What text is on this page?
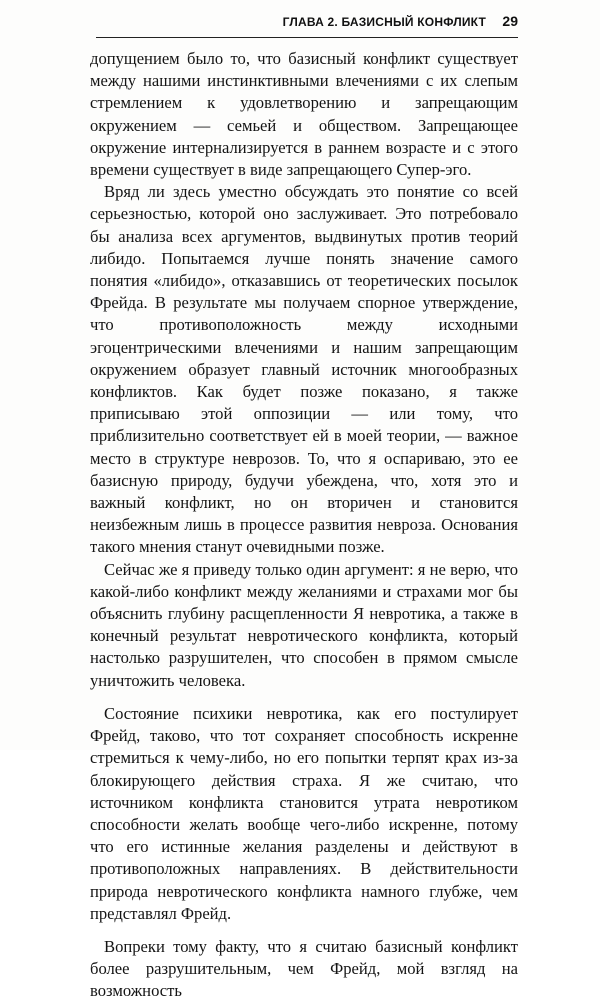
ГЛАВА 2. БАЗИСНЫЙ КОНФЛИКТ 29

допущением было то, что базисный конфликт существует между нашими инстинктивными влечениями с их слепым стремлением к удовлетворению и запрещающим окружением — семьей и обществом. Запрещающее окружение интернализируется в раннем возрасте и с этого времени существует в виде запрещающего Супер-эго.

Вряд ли здесь уместно обсуждать это понятие со всей серьезностью, которой оно заслуживает. Это потребовало бы анализа всех аргументов, выдвинутых против теорий либидо. Попытаемся лучше понять значение самого понятия «либидо», отказавшись от теоретических посылок Фрейда. В результате мы получаем спорное утверждение, что противоположность между исходными эгоцентрическими влечениями и нашим запрещающим окружением образует главный источник многообразных конфликтов. Как будет позже показано, я также приписываю этой оппозиции — или тому, что приблизительно соответствует ей в моей теории, — важное место в структуре неврозов. То, что я оспариваю, это ее базисную природу, будучи убеждена, что, хотя это и важный конфликт, но он вторичен и становится неизбежным лишь в процессе развития невроза. Основания такого мнения станут очевидными позже.

Сейчас же я приведу только один аргумент: я не верю, что какой-либо конфликт между желаниями и страхами мог бы объяснить глубину расщепленности Я невротика, а также в конечный результат невротического конфликта, который настолько разрушителен, что способен в прямом смысле уничтожить человека.

Состояние психики невротика, как его постулирует Фрейд, таково, что тот сохраняет способность искренне стремиться к чему-либо, но его попытки терпят крах из-за блокирующего действия страха. Я же считаю, что источником конфликта становится утрата невротиком способности желать вообще чего-либо искренне, потому что его истинные желания разделены и действуют в противоположных направлениях. В действительности природа невротического конфликта намного глубже, чем представлял Фрейд.

Вопреки тому факту, что я считаю базисный конфликт более разрушительным, чем Фрейд, мой взгляд на возможность
